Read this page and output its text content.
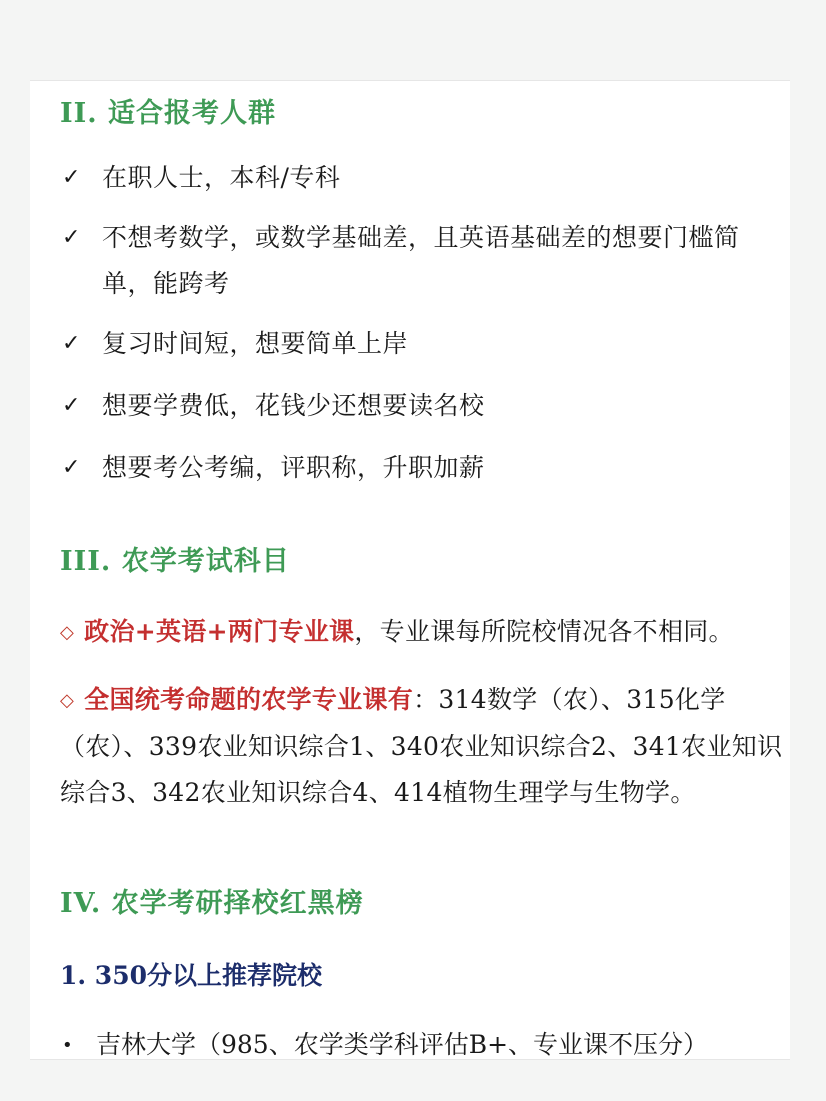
II. 适合报考人群
✓ 在职人士，本科/专科
✓ 不想考数学，或数学基础差，且英语基础差的想要门槛简单，能跨考
✓ 复习时间短，想要简单上岸
✓ 想要学费低，花钱少还想要读名校
✓ 想要考公考编，评职称，升职加薪
III. 农学考试科目
◇ 政治+英语+两门专业课，专业课每所院校情况各不相同。
◇ 全国统考命题的农学专业课有：314数学（农）、315化学（农）、339农业知识综合1、340农业知识综合2、341农业知识综合3、342农业知识综合4、414植物生理学与生物学。
IV. 农学考研择校红黑榜
1. 350分以上推荐院校
• 吉林大学（985、农学类学科评估B+、专业课不压分）
